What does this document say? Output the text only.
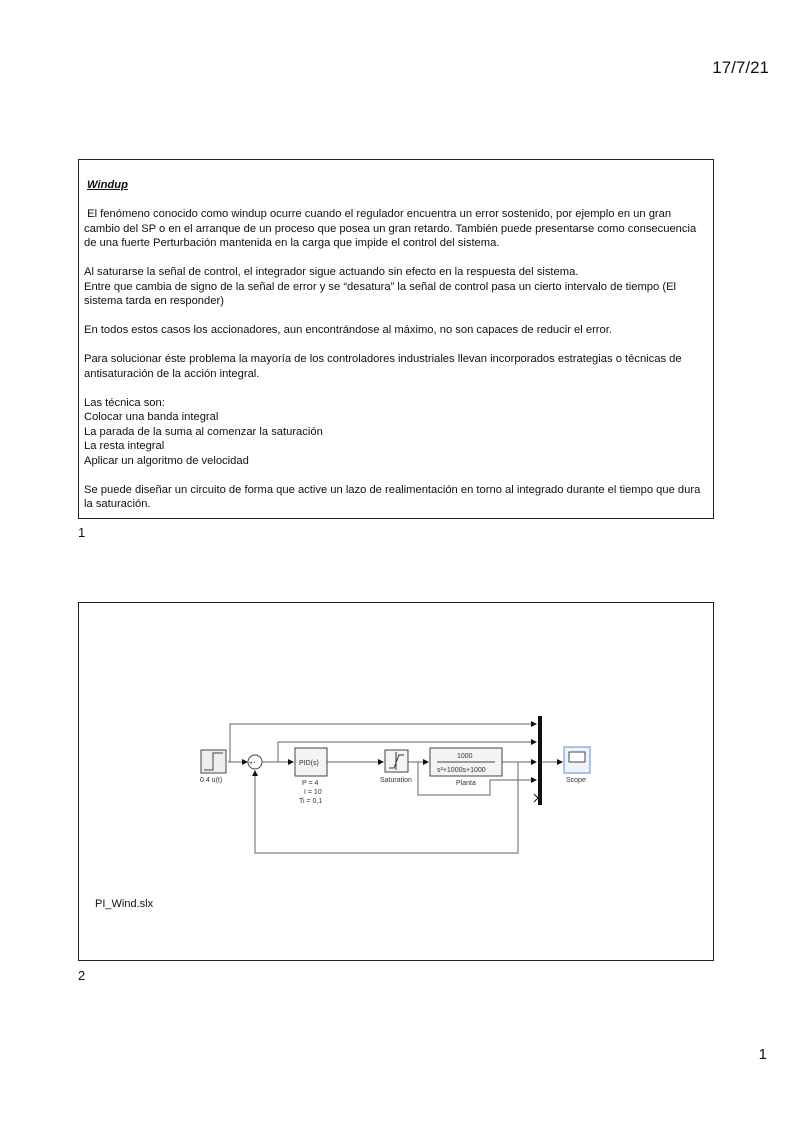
17/7/21

Windup

El fenómeno conocido como windup ocurre cuando el regulador encuentra un error sostenido, por ejemplo en un gran cambio del SP o en el arranque de un proceso que posea un gran retardo. También puede presentarse como consecuencia de una fuerte Perturbación mantenida en la carga que impide el control del sistema.

Al saturarse la señal de control, el integrador sigue actuando sin efecto en la respuesta del sistema.

Entre que cambia de signo de la señal de error y se “desatura” la señal de control pasa un cierto intervalo de tiempo (El sistema tarda en responder)

En todos estos casos los accionadores, aun encontrándose al máximo, no son capaces de reducir el error.

Para solucionar éste problema la mayoría de los controladores industriales llevan incorporados estrategias o técnicas de antisaturación de la acción integral.

Las técnica son:
Colocar una banda integral
La parada de la suma al comenzar la saturación
La resta integral

Aplicar un algoritmo de velocidad

Se puede diseñar un circuito de forma que active un lazo de realimentación en torno al integrado durante el tiempo que dura la saturación.

1
PI_Wind.slx
2
0.4 u(t)
+-	PID(s)
P = 4
I = 10
Ti = 0,1
Saturation
1000
s²+1000s+1000
Planta	Scope
1
